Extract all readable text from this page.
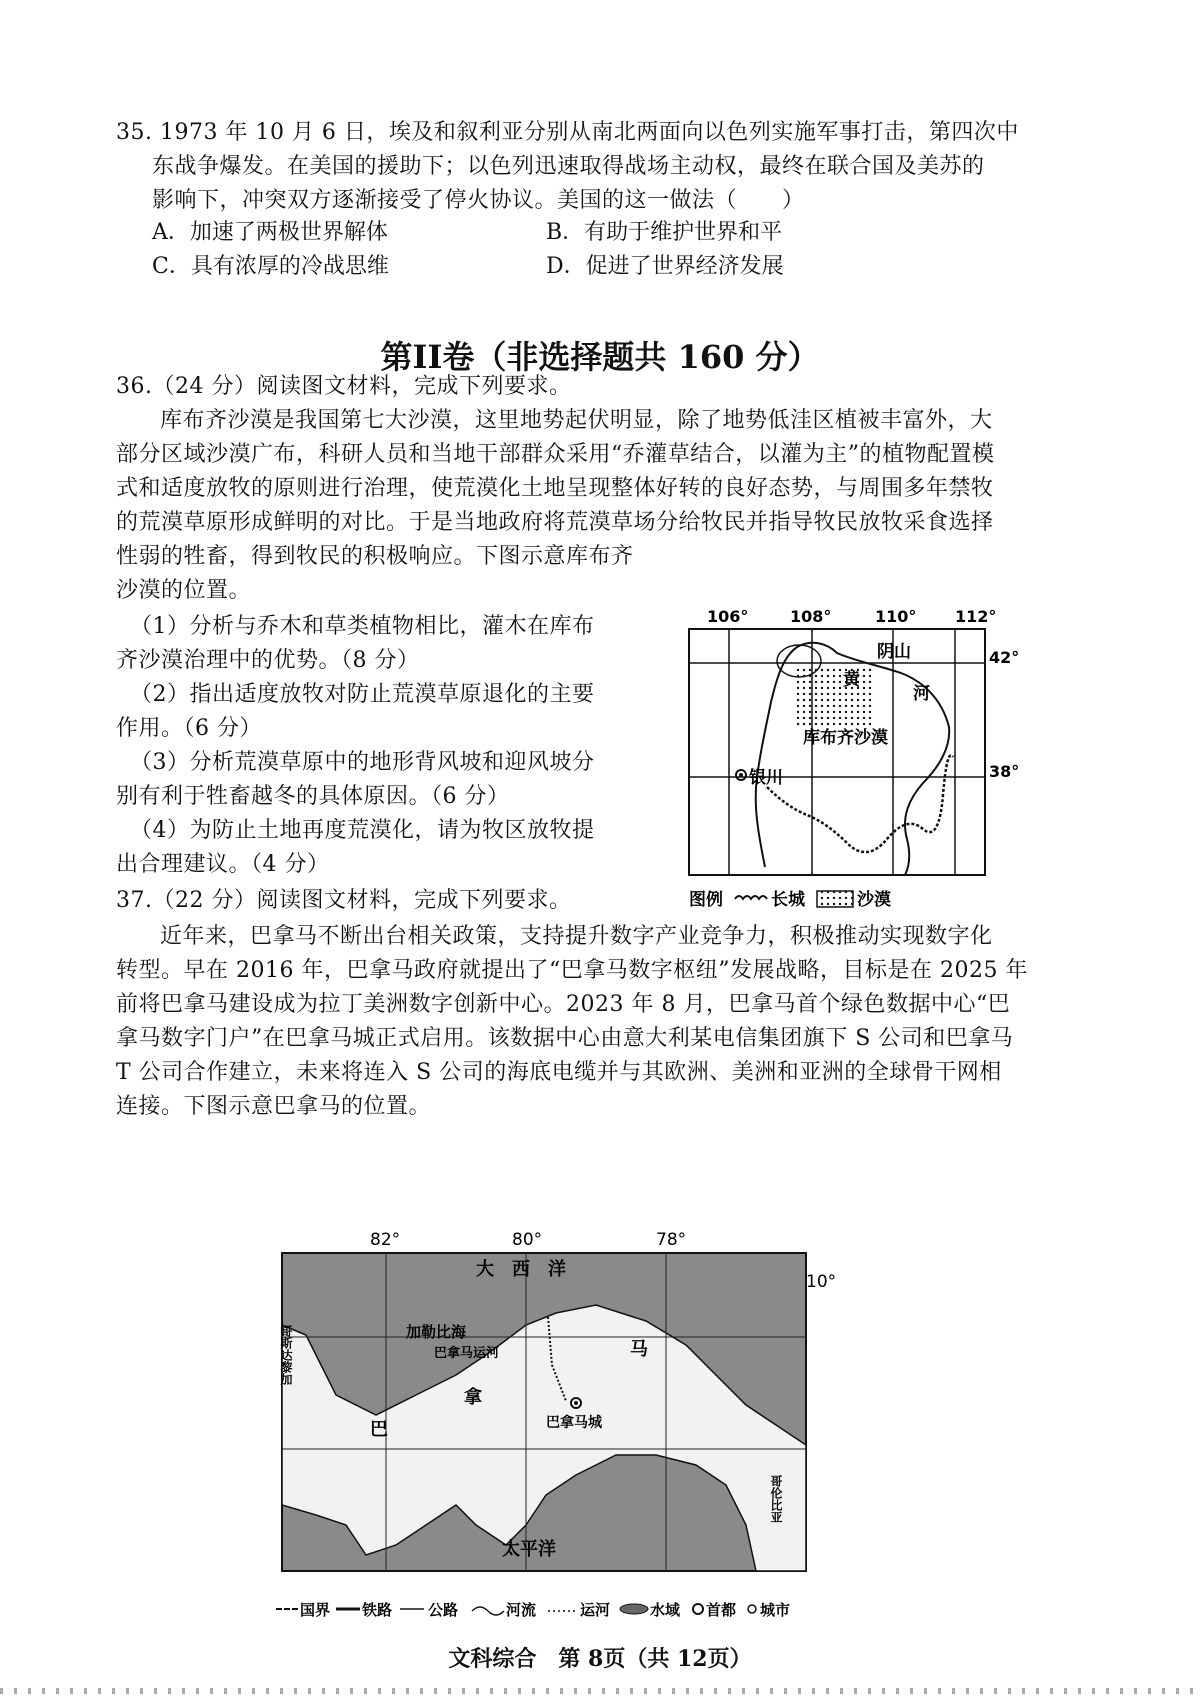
35. 1973 年 10 月 6 日，埃及和叙利亚分别从南北两面向以色列实施军事打击，第四次中
东战争爆发。在美国的援助下；以色列迅速取得战场主动权，最终在联合国及美苏的
影响下，冲突双方逐渐接受了停火协议。美国的这一做法（　　）
A．加速了两极世界解体	B．有助于维护世界和平
C．具有浓厚的冷战思维	D．促进了世界经济发展
第II卷（非选择题共 160 分）
36.（24 分）阅读图文材料，完成下列要求。
库布齐沙漠是我国第七大沙漠，这里地势起伏明显，除了地势低洼区植被丰富外，大
部分区域沙漠广布，科研人员和当地干部群众采用“乔灌草结合，以灌为主”的植物配置模
式和适度放牧的原则进行治理，使荒漠化土地呈现整体好转的良好态势，与周围多年禁牧
的荒漠草原形成鲜明的对比。于是当地政府将荒漠草场分给牧民并指导牧民放牧采食选择
性弱的牲畜，得到牧民的积极响应。下图示意库布齐
沙漠的位置。
（1）分析与乔木和草类植物相比，灌木在库布
齐沙漠治理中的优势。（8 分）
（2）指出适度放牧对防止荒漠草原退化的主要
作用。（6 分）
（3）分析荒漠草原中的地形背风坡和迎风坡分
别有利于牲畜越冬的具体原因。（6 分）
（4）为防止土地再度荒漠化，请为牧区放牧提
出合理建议。（4 分）
106°	108°	110° 112°
42°
38°
阴山
黄
河
库布齐沙漠
银川
图例	长城	沙漠
37.（22 分）阅读图文材料，完成下列要求。
近年来，巴拿马不断出台相关政策，支持提升数字产业竞争力，积极推动实现数字化
转型。早在 2016 年，巴拿马政府就提出了“巴拿马数字枢纽”发展战略，目标是在 2025 年
前将巴拿马建设成为拉丁美洲数字创新中心。2023 年 8 月，巴拿马首个绿色数据中心“巴
拿马数字门户”在巴拿马城正式启用。该数据中心由意大利某电信集团旗下 S 公司和巴拿马
T 公司合作建立，未来将连入 S 公司的海底电缆并与其欧洲、美洲和亚洲的全球骨干网相
连接。下图示意巴拿马的位置。
82°	80°	78°
10°
大　西　洋
加勒比海
巴拿马运河
巴
拿
马
巴拿马城
哥斯达黎加
哥伦比亚
太平洋
国界 铁路 公路	河流	运河	水域 首都 城市
文科综合　第 8页（共 12页）
